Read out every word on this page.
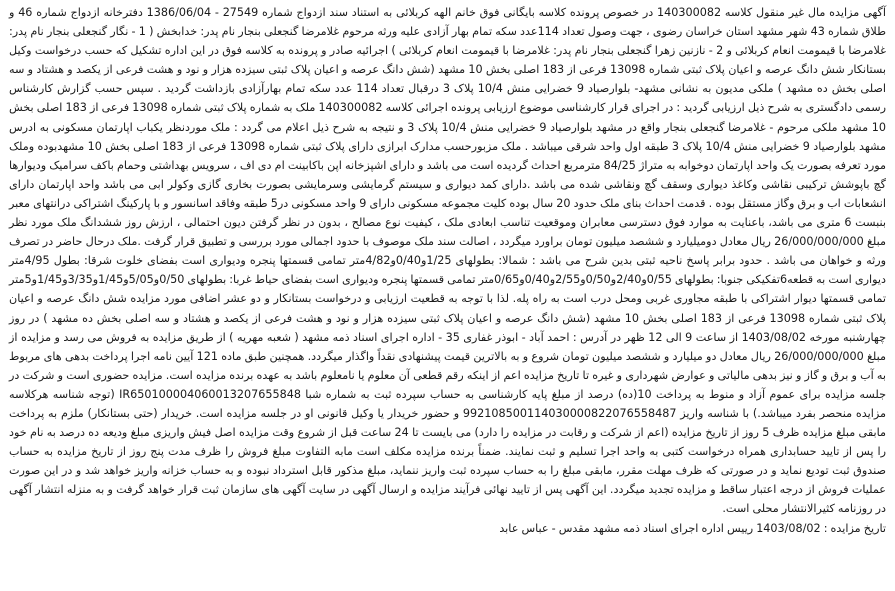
آگهی مزایده مال غیر منقول کلاسه 140300082 در خصوص پرونده کلاسه بایگانی فوق خانم الهه کربلائی به استناد سند ازدواج شماره 27549 - 1386/06/04 دفترخانه ازدواج شماره 46 و طلاق شماره 43 شهر مشهد استان خراسان رضوی ، جهت وصول تعداد 114عدد سکه تمام بهار آزادی علیه ورثه مرحوم غلامرضا گنجعلی بنجار نام پدر: خدابخش ( 1 - نگار گنجعلی بنجار نام پدر: غلامرضا با قیمومت انعام کربلائی و 2 - نازنین زهرا گنجعلی بنجار نام پدر: غلامرضا با قیمومت انعام کربلائی ) اجرائیه صادر و پرونده به کلاسه فوق در این اداره تشکیل که حسب درخواست وکیل بستانکار شش دانگ عرصه و اعیان پلاک ثبتی شماره 13098 فرعی از 183 اصلی بخش 10 مشهد (شش دانگ عرصه و اعیان پلاک ثبتی سیزده هزار و نود و هشت فرعی از یکصد و هشتاد و سه اصلی بخش ده مشهد ) ملکی مدیون به نشانی مشهد- بلوارصیاد 9 خضرایی منش 10/4 پلاک 3 درقبال تعداد 114 عدد سکه تمام بهارآزادی بازداشت گردید . سپس حسب گزارش کارشناس رسمی دادگستری به شرح ذیل ارزیابی گردید : در اجرای قرار کارشناسی موضوع ارزیابی پرونده اجرائی کلاسه 140300082 ملک به شماره پلاک ثبتی شماره 13098 فرعی از 183 اصلی بخش 10 مشهد ملکی مرحوم - غلامرضا گنجعلی بنجار واقع در مشهد بلوارصیاد 9 خضرایی منش 10/4 پلاک 3 و نتیجه به شرح ذیل اعلام می گردد : ملک موردنظر یکباب اپارتمان مسکونی به ادرس مشهد بلوارصیاد 9 خضرایی منش 10/4 پلاک 3 طبقه اول واحد شرقی میباشد . ملک مزبورحسب مدارک ابرازی دارای پلاک ثبتی شماره 13098 فرعی از 183 اصلی بخش 10 مشهدبوده وملک مورد تعرفه بصورت یک واحد اپارتمان دوخوابه به متراژ 84/25 مترمربع احداث گردیده است می باشد و دارای اشپزخانه اپن باکابینت ام دی اف ، سرویس بهداشتی وحمام باکف سرامیک ودیوارها گچ باپوشش ترکیبی نقاشی وکاغذ دیواری وسقف گچ ونقاشی شده می باشد .دارای کمد دیواری و سیستم گرمایشی وسرمایشی بصورت بخاری گازی وکولر ابی می باشد واحد اپارتمان دارای انشعابات اب و برق وگاز مستقل بوده . قدمت احداث بنای ملک حدود 20 سال بوده کلیت مجموعه مسکونی دارای 9 واحد مسکونی در5 طبقه وفاقد اسانسور و با پارکینگ اشتراکی درانتهای معبر بنبست 6 متری می باشد، باعنایت به موارد فوق دسترسی معابران وموقعیت تناسب ابعادی ملک ، کیفیت نوع مصالح ، بدون در نظر گرفتن دیون احتمالی ، ارزش روز ششدانگ ملک مورد نظر مبلغ 26/000/000/000 ریال معادل دومیلیارد و ششصد میلیون تومان براورد میگردد ، اصالت سند ملک موصوف با حدود اجمالی مورد بررسی و تطبیق قرار گرفت .ملک درحال حاضر در تصرف ورثه و خواهان می باشد . حدود برابر پاسخ ناحیه ثبتی بدین شرح می باشد : شمالا: بطولهای 1/25و0/40و4/82متر تمامی قسمتها پنجره ودیواری است بفضای خلوت شرقا: بطول 4/95متر دیواری است به قطعه6تفکیکی جنوبا: بطولهای 0/55و2/40و0/50و2/55و0/40و0/65متر تمامی قسمتها پنجره ودیواری است بفضای حیاط غربا: بطولهای 0/50و5/05و1/45و3/35و1/45و5متر تمامی قسمتها دیوار اشتراکی با طبقه مجاوری غربی ومحل درب است به راه پله. لذا با توجه به قطعیت ارزیابی و درخواست بستانکار و دو عشر اضافی مورد مزایده شش دانگ عرصه و اعیان پلاک ثبتی شماره 13098 فرعی از 183 اصلی بخش 10 مشهد (شش دانگ عرصه و اعیان پلاک ثبتی سیزده هزار و نود و هشت فرعی از یکصد و هشتاد و سه اصلی بخش ده مشهد ) در روز چهارشنبه مورخه 1403/08/02 از ساعت 9 الی 12 ظهر در آدرس : احمد آباد - ابوذر غفاری 35 - اداره اجرای اسناد ذمه مشهد ( شعبه مهریه ) از طریق مزایده به فروش می رسد و مزایده از مبلغ 26/000/000/000 ریال معادل دو میلیارد و ششصد میلیون تومان شروع و به بالاترین قیمت پیشنهادی نقداً واگذار میگردد. همچنین طبق ماده 121 آیین نامه اجرا پرداخت بدهی های مربوط به آب و برق و گاز و نیز بدهی مالیاتی و عوارض شهرداری و غیره تا تاریخ مزایده اعم از اینکه رقم قطعی آن معلوم یا نامعلوم باشد به عهده برنده مزایده است. مزایده حضوری است و شرکت در جلسه مزایده برای عموم آزاد و منوط به پرداخت 10(ده) درصد از مبلغ پایه کارشناسی به حساب سپرده ثبت به شماره شبا IR650100004060013207655848 (توجه شناسه هرکلاسه مزایده منحصر بفرد میباشد.) با شناسه واریز 992108500114030000822076558487 و حضور خریدار یا وکیل قانونی او در جلسه مزایده است. خریدار (حتی بستانکار) ملزم به پرداخت مابقی مبلغ مزایده ظرف 5 روز از تاریخ مزایده (اعم از شرکت و رقابت در مزایده را دارد) می بایست تا 24 ساعت قبل از شروع وقت مزایده اصل فیش واریزی مبلغ ودیعه ده درصد به نام خود را پس از تایید حسابداری همراه درخواست کتبی به واحد اجرا تسلیم و ثبت نمایند. ضمناً برنده مزایده مکلف است مابه التفاوت مبلغ فروش را ظرف مدت پنج روز از تاریخ مزایده به حساب صندوق ثبت تودیع نماید و در صورتی که ظرف مهلت مقرر، مابقی مبلغ را به حساب سپرده ثبت واریز ننماید، مبلغ مذکور قابل استرداد نبوده و به حساب خزانه واریز خواهد شد و در این صورت عملیات فروش از درجه اعتبار ساقط و مزایده تجدید میگردد. این آگهی پس از تایید نهائی فرآیند مزایده و ارسال آگهی در سایت آگهی های سازمان ثبت قرار خواهد گرفت و به منزله انتشار آگهی در روزنامه کثیرالانتشار محلی است.

تاریخ مزایده : 1403/08/02 رییس اداره اجرای اسناد ذمه مشهد مقدس - عباس عابد
